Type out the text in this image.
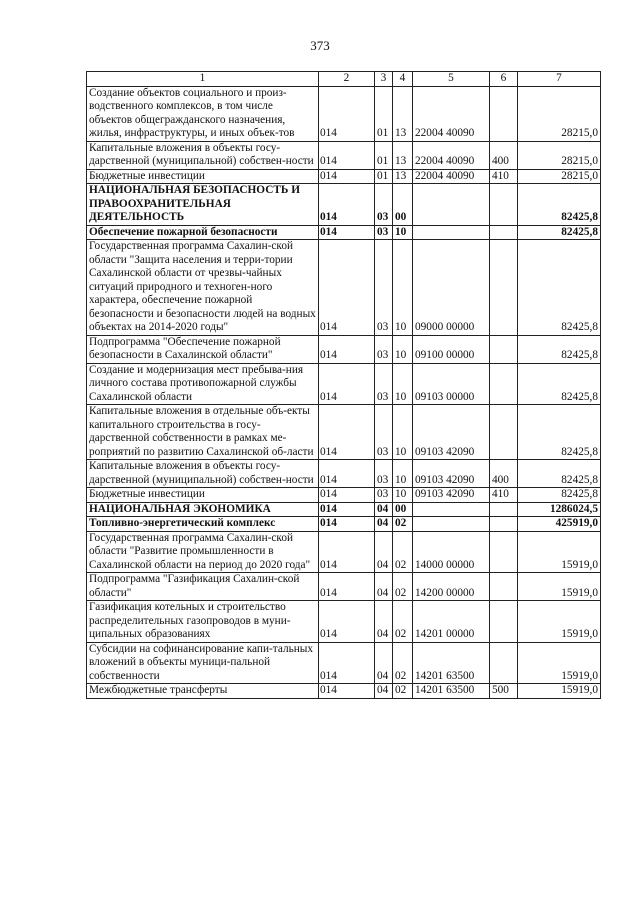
373
1	2	3	4	5	6	7
Создание объектов социального и произ-водственного комплексов, в том числе объектов общегражданского назначения, жилья, инфраструктуры, и иных объек-тов	014	01	13	22004 40090		28215,0
Капитальные вложения в объекты госу-дарственной (муниципальной) собствен-ности	014	01	13	22004 40090	400	28215,0
Бюджетные инвестиции	014	01	13	22004 40090	410	28215,0
НАЦИОНАЛЬНАЯ БЕЗОПАСНОСТЬ И ПРАВООХРАНИТЕЛЬНАЯ ДЕЯТЕЛЬНОСТЬ	014	03	00			82425,8
Обеспечение пожарной безопасности	014	03	10			82425,8
Государственная программа Сахалин-ской области "Защита населения и терри-тории Сахалинской области от чрезвы-чайных ситуаций природного и техноген-ного характера, обеспечение пожарной безопасности и безопасности людей на водных объектах на 2014-2020 годы"	014	03	10	09000 00000		82425,8
Подпрограмма "Обеспечение пожарной безопасности в Сахалинской области"	014	03	10	09100 00000		82425,8
Создание и модернизация мест пребыва-ния личного состава противопожарной службы Сахалинской области	014	03	10	09103 00000		82425,8
Капитальные вложения в отдельные объ-екты капитального строительства в госу-дарственной собственности в рамках ме-роприятий по развитию Сахалинской об-ласти	014	03	10	09103 42090		82425,8
Капитальные вложения в объекты госу-дарственной (муниципальной) собствен-ности	014	03	10	09103 42090	400	82425,8
Бюджетные инвестиции	014	03	10	09103 42090	410	82425,8
НАЦИОНАЛЬНАЯ ЭКОНОМИКА	014	04	00			1286024,5
Топливно-энергетический комплекс	014	04	02			425919,0
Государственная программа Сахалин-ской области "Развитие промышленности в Сахалинской области на период до 2020 года"	014	04	02	14000 00000		15919,0
Подпрограмма "Газификация Сахалин-ской области"	014	04	02	14200 00000		15919,0
Газификация котельных и строительство распределительных газопроводов в муни-ципальных образованиях	014	04	02	14201 00000		15919,0
Субсидии на софинансирование капи-тальных вложений в объекты муници-пальной собственности	014	04	02	14201 63500		15919,0
Межбюджетные трансферты	014	04	02	14201 63500	500	15919,0
